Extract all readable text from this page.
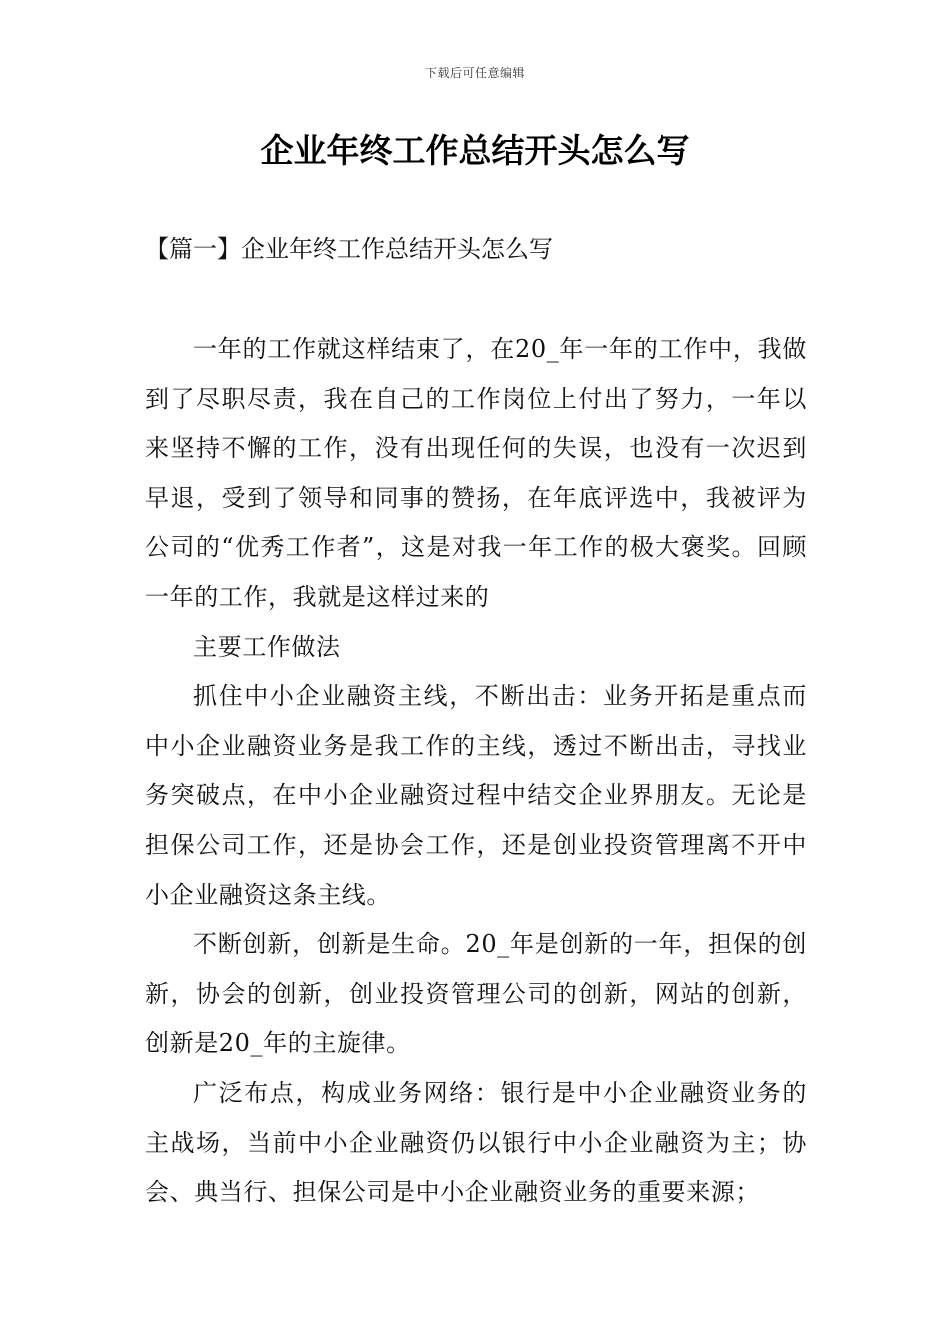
下载后可任意编辑
企业年终工作总结开头怎么写
【篇一】企业年终工作总结开头怎么写

一年的工作就这样结束了，在20_年一年的工作中，我做到了尽职尽责，我在自己的工作岗位上付出了努力，一年以来坚持不懈的工作，没有出现任何的失误，也没有一次迟到早退，受到了领导和同事的赞扬，在年底评选中，我被评为公司的“优秀工作者”，这是对我一年工作的极大褒奖。回顾一年的工作，我就是这样过来的

主要工作做法

抓住中小企业融资主线，不断出击：业务开拓是重点而中小企业融资业务是我工作的主线，透过不断出击，寻找业务突破点，在中小企业融资过程中结交企业界朋友。无论是担保公司工作，还是协会工作，还是创业投资管理离不开中小企业融资这条主线。

不断创新，创新是生命。20_年是创新的一年，担保的创新，协会的创新，创业投资管理公司的创新，网站的创新，创新是20_年的主旋律。

广泛布点，构成业务网络：银行是中小企业融资业务的主战场，当前中小企业融资仍以银行中小企业融资为主；协会、典当行、担保公司是中小企业融资业务的重要来源；
